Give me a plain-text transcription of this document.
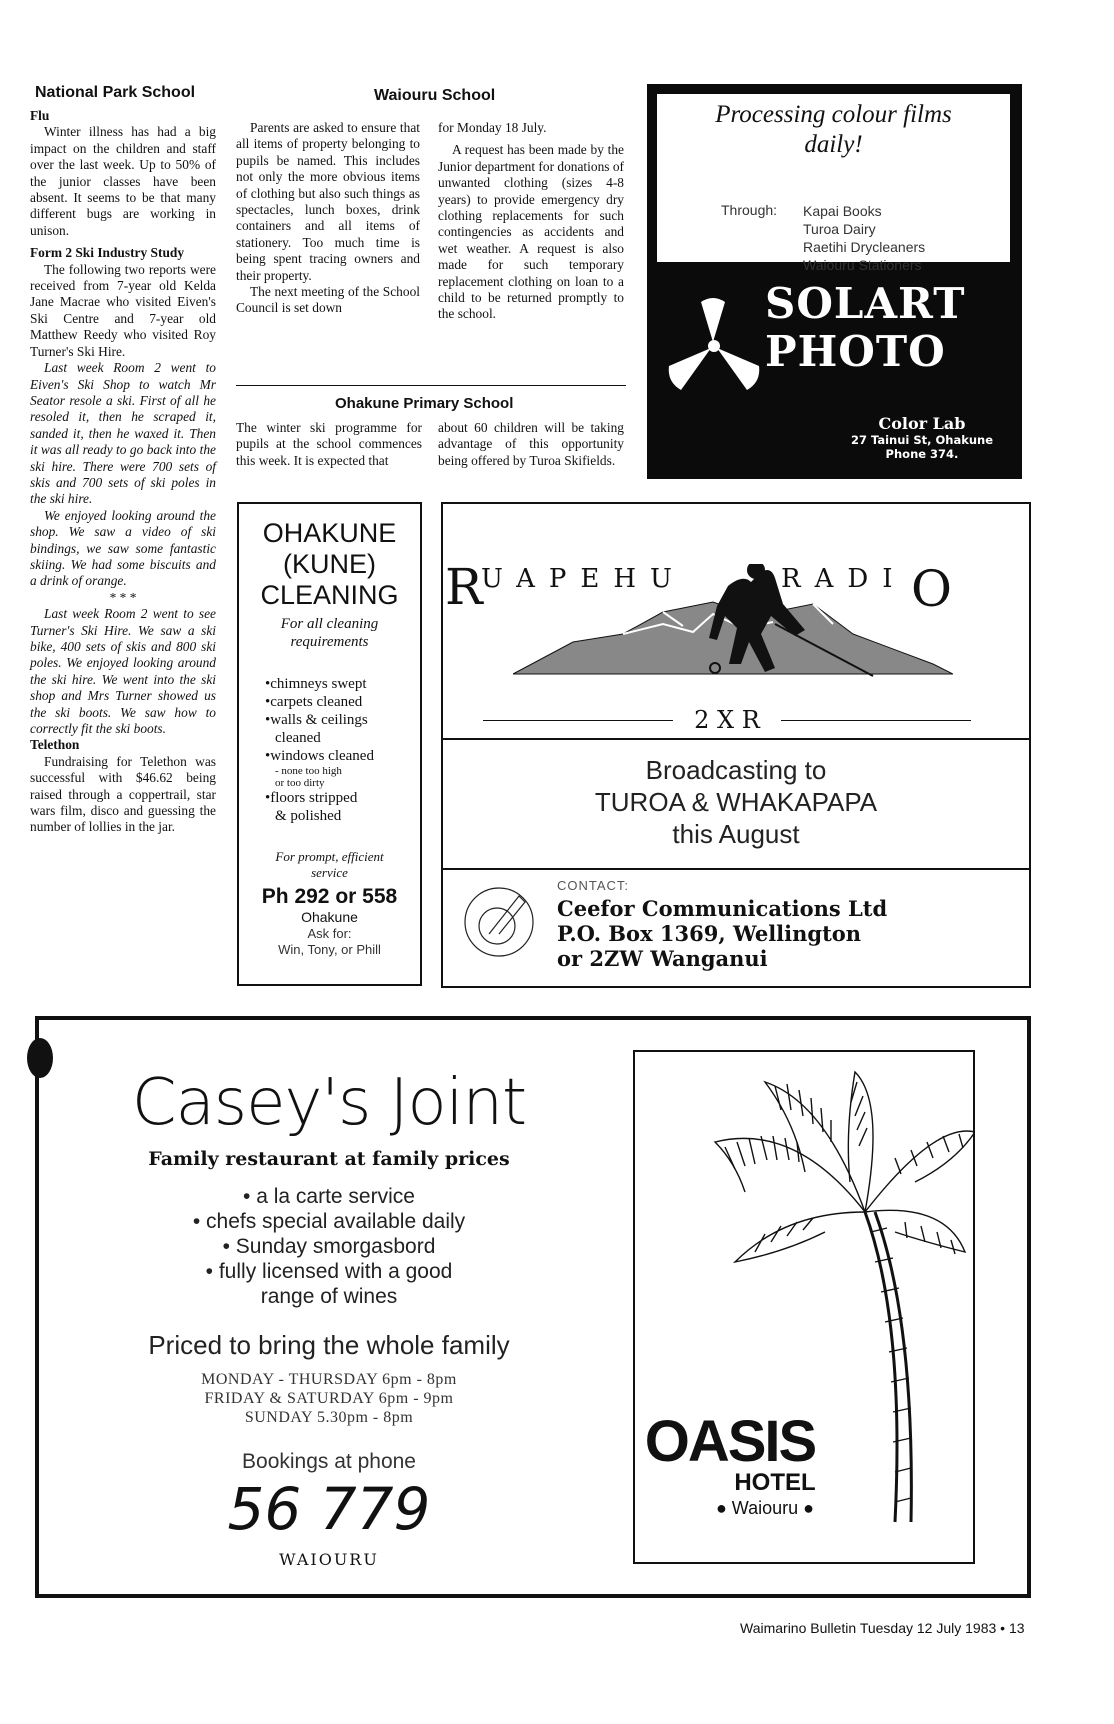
National Park School

Flu

Winter illness has had a big impact on the children and staff over the last week. Up to 50% of the junior classes have been absent. It seems to be that many different bugs are working in unison.

Form 2 Ski Industry Study

The following two reports were received from 7-year old Kelda Jane Macrae who visited Eiven's Ski Centre and 7-year old Matthew Reedy who visited Roy Turner's Ski Hire.

Last week Room 2 went to Eiven's Ski Shop to watch Mr Seator resole a ski. First of all he resoled it, then he scraped it, sanded it, then he waxed it. Then it was all ready to go back into the ski hire. There were 700 sets of skis and 700 sets of ski poles in the ski hire.

We enjoyed looking around the shop. We saw a video of ski bindings, we saw some fantastic skiing. We had some biscuits and a drink of orange.

* * *

Last week Room 2 went to see Turner's Ski Hire. We saw a ski bike, 400 sets of skis and 800 ski poles. We enjoyed looking around the ski hire. We went into the ski shop and Mrs Turner showed us the ski boots. We saw how to correctly fit the ski boots.

Telethon

Fundraising for Telethon was successful with $46.62 being raised through a coppertrail, star wars film, disco and guessing the number of lollies in the jar.

Waiouru School

Parents are asked to ensure that all items of property belonging to pupils be named. This includes not only the more obvious items of clothing but also such things as spectacles, lunch boxes, drink containers and all items of stationery. Too much time is being spent tracing owners and their property.

The next meeting of the School Council is set down

for Monday 18 July.

A request has been made by the Junior department for donations of unwanted clothing (sizes 4-8 years) to provide emergency dry clothing replacements for such contingencies as accidents and wet weather. A request is also made for such temporary replacement clothing on loan to a child to be returned promptly to the school.

Ohakune Primary School
The winter ski programme for pupils at the school commences this week. It is expected that
about 60 children will be taking advantage of this opportunity being offered by Turoa Skifields.
Processing colour films
daily!
Through: Kapai Books
Turoa Dairy
Raetihi Drycleaners
Waiouru Stationers
SOLART
PHOTO
Color Lab
27 Tainui St, Ohakune
Phone 374.
OHAKUNE
(KUNE)
CLEANING
For all cleaning requirements
•chimneys swept
•carpets cleaned
•walls & ceilings
cleaned
•windows cleaned
- none too high
or too dirty
•floors stripped
& polished
For prompt, efficient service
Ph 292 or 558
Ohakune
Ask for:
Win, Tony, or Phill
R
UAPEHU	RADI O
2 X R
Broadcasting to
TUROA & WHAKAPAPA
this August
CONTACT:
Ceefor Communications Ltd
P.O. Box 1369, Wellington
or 2ZW Wanganui
Casey's Joint
Family restaurant at family prices
• a la carte service
• chefs special available daily
• Sunday smorgasbord
• fully licensed with a good
range of wines
Priced to bring the whole family
MONDAY - THURSDAY 6pm - 8pm
FRIDAY & SATURDAY 6pm - 9pm
SUNDAY 5.30pm - 8pm
Bookings at phone
56 779
WAIOURU
OASIS
HOTEL
● Waiouru ●
Waimarino Bulletin Tuesday 12 July 1983 • 13
